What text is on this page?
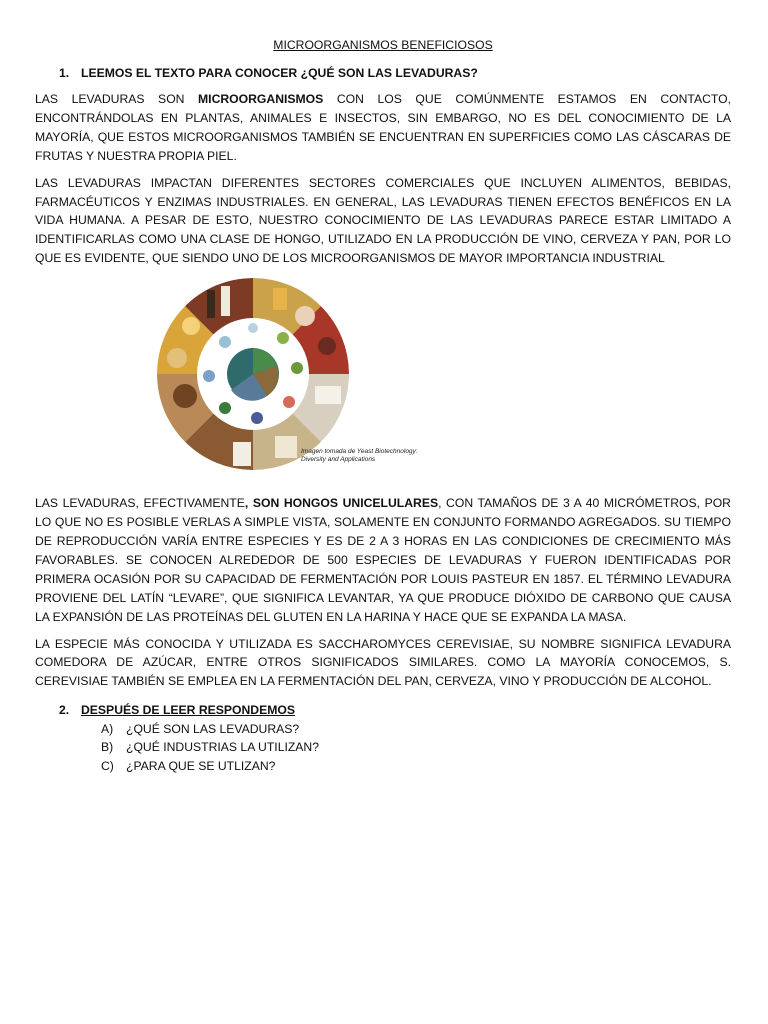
MICROORGANISMOS BENEFICIOSOS
1. LEEMOS EL TEXTO PARA CONOCER ¿QUÉ SON LAS LEVADURAS?

LAS LEVADURAS SON MICROORGANISMOS CON LOS QUE COMÚNMENTE ESTAMOS EN CONTACTO, ENCONTRÁNDOLAS EN PLANTAS, ANIMALES E INSECTOS, SIN EMBARGO, NO ES DEL CONOCIMIENTO DE LA MAYORÍA, QUE ESTOS MICROORGANISMOS TAMBIÉN SE ENCUENTRAN EN SUPERFICIES COMO LAS CÁSCARAS DE FRUTAS Y NUESTRA PROPIA PIEL.

LAS LEVADURAS IMPACTAN DIFERENTES SECTORES COMERCIALES QUE INCLUYEN ALIMENTOS, BEBIDAS, FARMACÉUTICOS Y ENZIMAS INDUSTRIALES. EN GENERAL, LAS LEVADURAS TIENEN EFECTOS BENÉFICOS EN LA VIDA HUMANA. A PESAR DE ESTO, NUESTRO CONOCIMIENTO DE LAS LEVADURAS PARECE ESTAR LIMITADO A IDENTIFICARLAS COMO UNA CLASE DE HONGO, UTILIZADO EN LA PRODUCCIÓN DE VINO, CERVEZA Y PAN, POR LO QUE ES EVIDENTE, QUE SIENDO UNO DE LOS MICROORGANISMOS DE MAYOR IMPORTANCIA INDUSTRIAL

Imagen tomada de Yeast Biotechnology:
Diversity and Applications

LAS LEVADURAS, EFECTIVAMENTE, SON HONGOS UNICELULARES, CON TAMAÑOS DE 3 A 40 MICRÓMETROS, POR LO QUE NO ES POSIBLE VERLAS A SIMPLE VISTA, SOLAMENTE EN CONJUNTO FORMANDO AGREGADOS. SU TIEMPO DE REPRODUCCIÓN VARÍA ENTRE ESPECIES Y ES DE 2 A 3 HORAS EN LAS CONDICIONES DE CRECIMIENTO MÁS FAVORABLES. SE CONOCEN ALREDEDOR DE 500 ESPECIES DE LEVADURAS Y FUERON IDENTIFICADAS POR PRIMERA OCASIÓN POR SU CAPACIDAD DE FERMENTACIÓN POR LOUIS PASTEUR EN 1857. EL TÉRMINO LEVADURA PROVIENE DEL LATÍN “LEVARE”, QUE SIGNIFICA LEVANTAR, YA QUE PRODUCE DIÓXIDO DE CARBONO QUE CAUSA LA EXPANSIÓN DE LAS PROTEÍNAS DEL GLUTEN EN LA HARINA Y HACE QUE SE EXPANDA LA MASA.

LA ESPECIE MÁS CONOCIDA Y UTILIZADA ES SACCHAROMYCES CEREVISIAE, SU NOMBRE SIGNIFICA LEVADURA COMEDORA DE AZÚCAR, ENTRE OTROS SIGNIFICADOS SIMILARES. COMO LA MAYORÍA CONOCEMOS, S. CEREVISIAE TAMBIÉN SE EMPLEA EN LA FERMENTACIÓN DEL PAN, CERVEZA, VINO Y PRODUCCIÓN DE ALCOHOL.

2. DESPUÉS DE LEER RESPONDEMOS
A) ¿QUÉ SON LAS LEVADURAS?
B) ¿QUÉ INDUSTRIAS LA UTILIZAN?
C) ¿PARA QUE SE UTLIZAN?
